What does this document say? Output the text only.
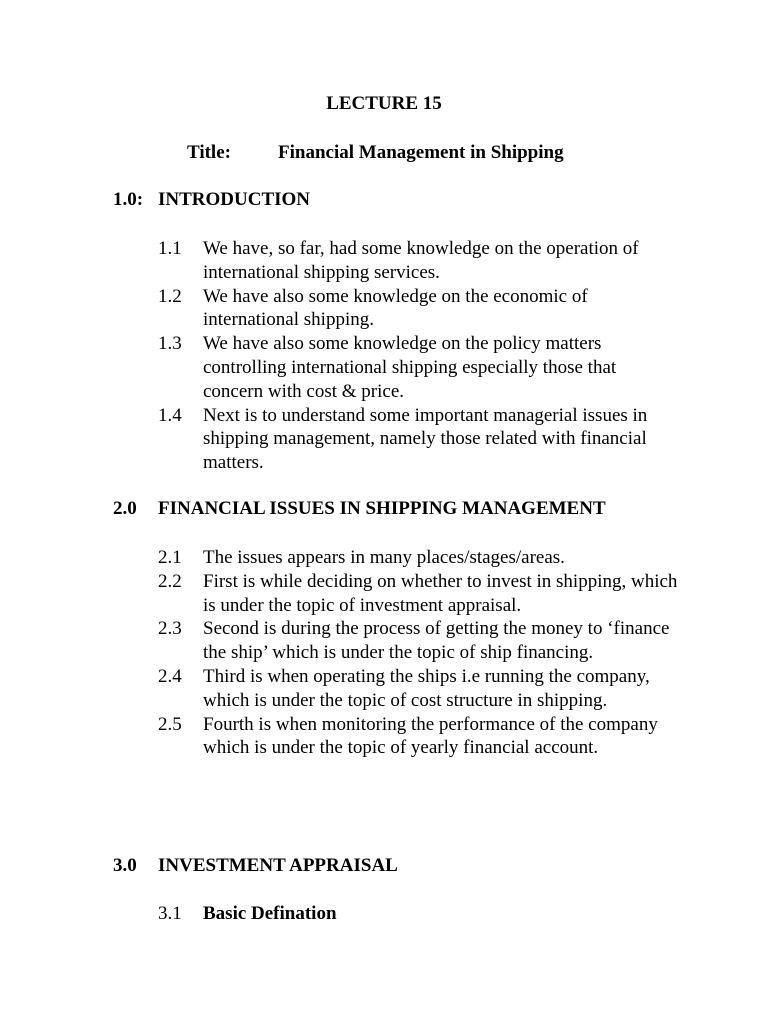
LECTURE 15
Title: Financial Management in Shipping
1.0: INTRODUCTION
1.1	We have, so far, had some knowledge on the operation of international shipping services.
1.2	We have also some knowledge on the economic of international shipping.
1.3	We have also some knowledge on the policy matters controlling international shipping especially those that concern with cost & price.
1.4	Next is to understand some important managerial issues in shipping management, namely those related with financial matters.
2.0 FINANCIAL ISSUES IN SHIPPING MANAGEMENT
2.1	The issues appears in many places/stages/areas.
2.2	First is while deciding on whether to invest in shipping, which is under the topic of investment appraisal.
2.3	Second is during the process of getting the money to ‘finance the ship’ which is under the topic of ship financing.
2.4	Third is when operating the ships i.e running the company, which is under the topic of cost structure in shipping.
2.5	Fourth is when monitoring the performance of the company which is under the topic of yearly financial account.
3.0 INVESTMENT APPRAISAL
3.1 Basic Defination
